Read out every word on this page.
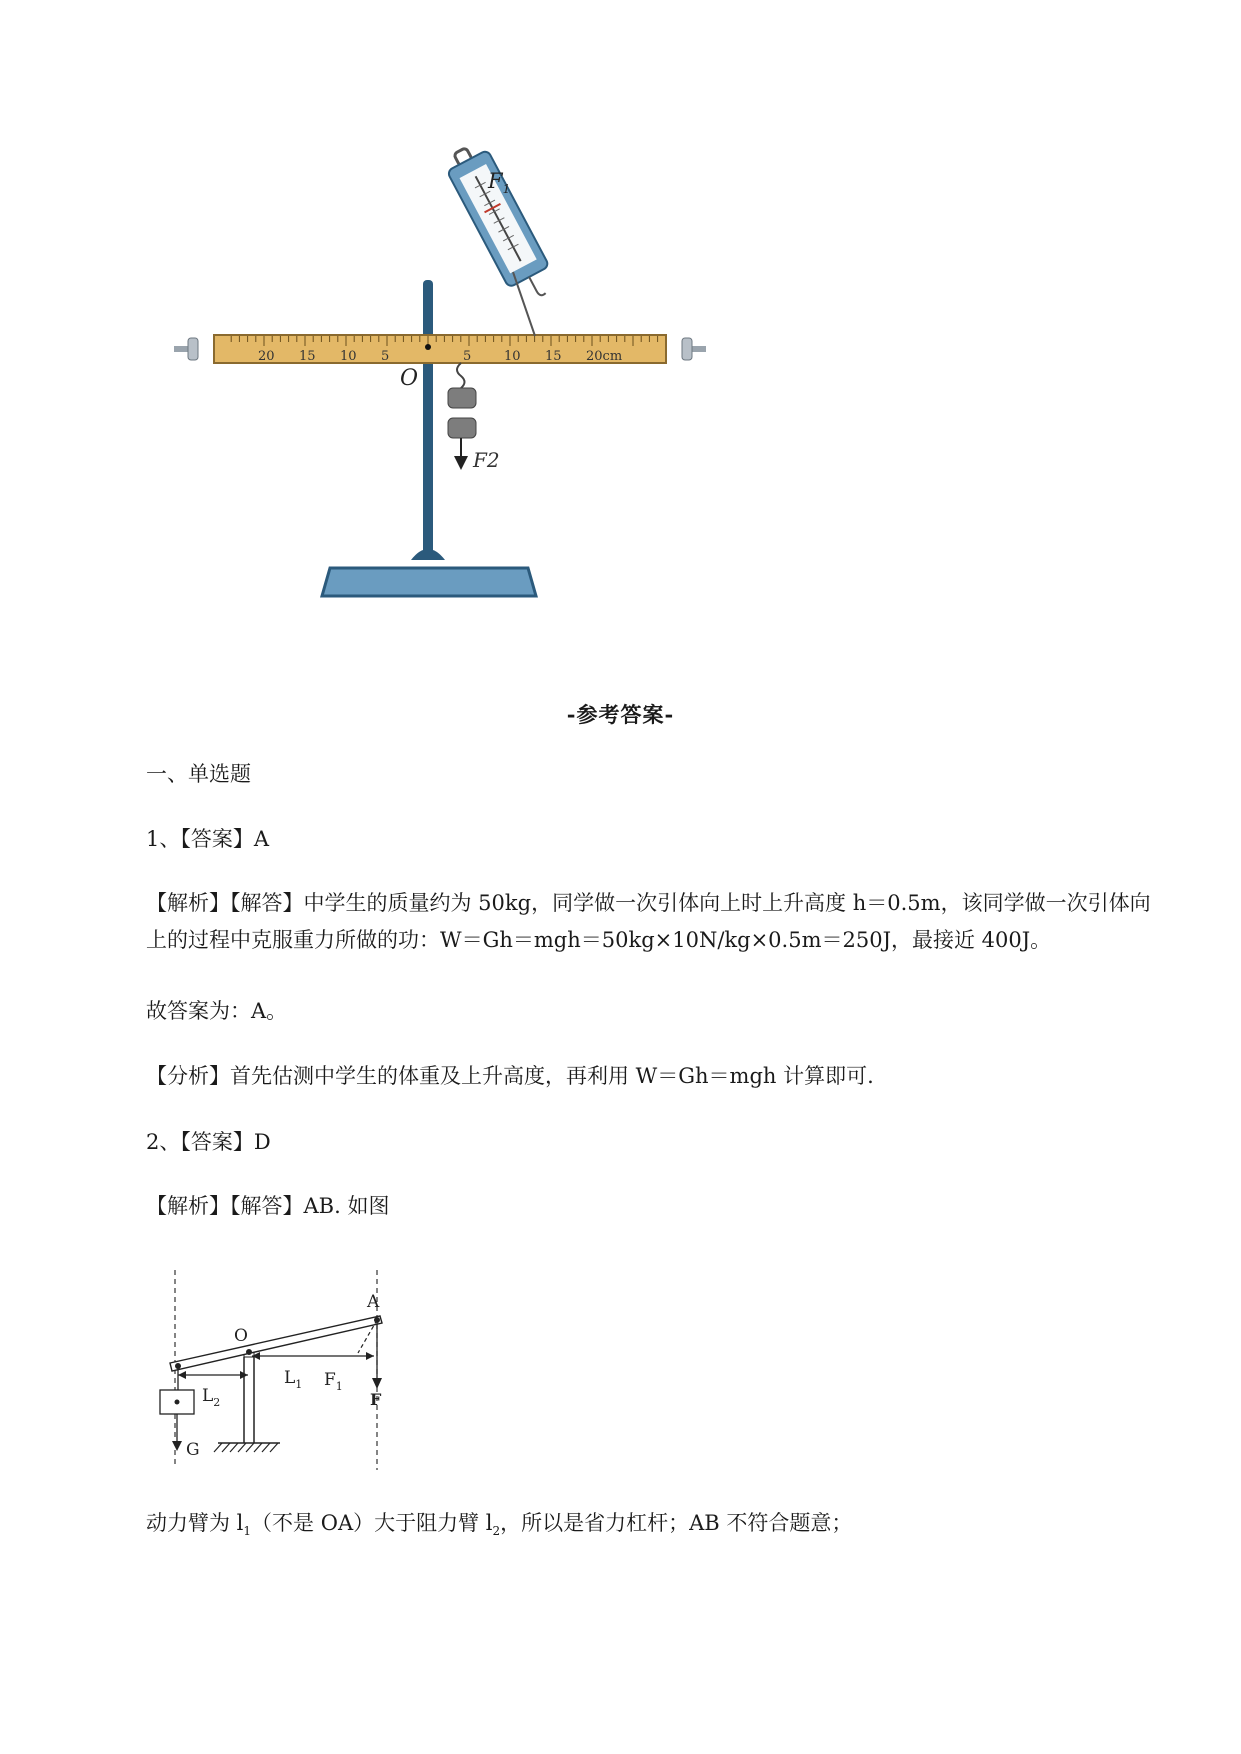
20 15 10 5	5	10 15 20cm
O
$F_1$
F2
-参考答案-
一、单选题
1、【答案】A
【解析】【解答】中学生的质量约为 50kg，同学做一次引体向上时上升高度 h＝0.5m，该同学做一次引体向上的过程中克服重力所做的功：W＝Gh＝mgh＝50kg×10N/kg×0.5m＝250J，最接近 400J。
故答案为：A。
【分析】首先估测中学生的体重及上升高度，再利用 W＝Gh＝mgh 计算即可.
2、【答案】D
【解析】【解答】AB. 如图
G
$L_2$
$L_1$ $F_1$
F
A
O
动力臂为 $l_1$（不是 OA）大于阻力臂 $l_2$，所以是省力杠杆；AB 不符合题意；
